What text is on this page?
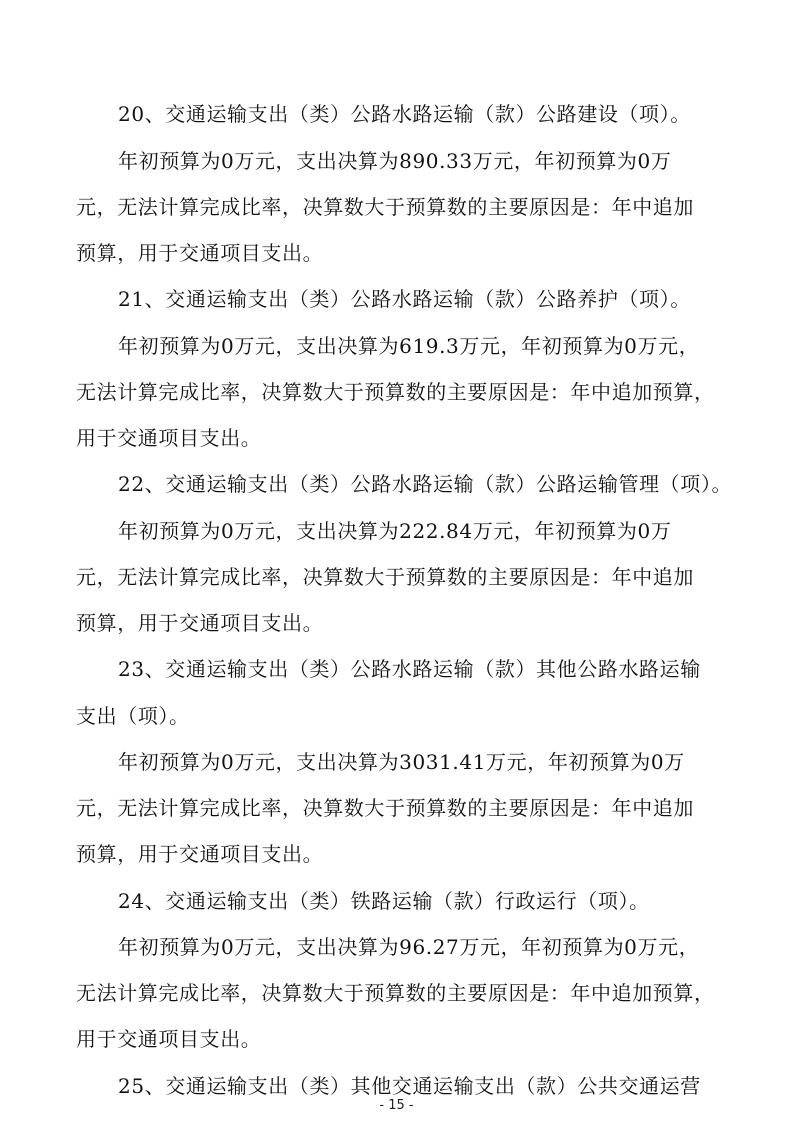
20、交通运输支出（类）公路水路运输（款）公路建设（项）。
年初预算为0万元，支出决算为890.33万元，年初预算为0万
元，无法计算完成比率，决算数大于预算数的主要原因是：年中追加
预算，用于交通项目支出。
21、交通运输支出（类）公路水路运输（款）公路养护（项）。
年初预算为0万元，支出决算为619.3万元，年初预算为0万元，
无法计算完成比率，决算数大于预算数的主要原因是：年中追加预算，
用于交通项目支出。
22、交通运输支出（类）公路水路运输（款）公路运输管理（项）。
年初预算为0万元，支出决算为222.84万元，年初预算为0万
元，无法计算完成比率，决算数大于预算数的主要原因是：年中追加
预算，用于交通项目支出。
23、交通运输支出（类）公路水路运输（款）其他公路水路运输
支出（项）。
年初预算为0万元，支出决算为3031.41万元，年初预算为0万
元，无法计算完成比率，决算数大于预算数的主要原因是：年中追加
预算，用于交通项目支出。
24、交通运输支出（类）铁路运输（款）行政运行（项）。
年初预算为0万元，支出决算为96.27万元，年初预算为0万元，
无法计算完成比率，决算数大于预算数的主要原因是：年中追加预算，
用于交通项目支出。
25、交通运输支出（类）其他交通运输支出（款）公共交通运营
- 15 -
